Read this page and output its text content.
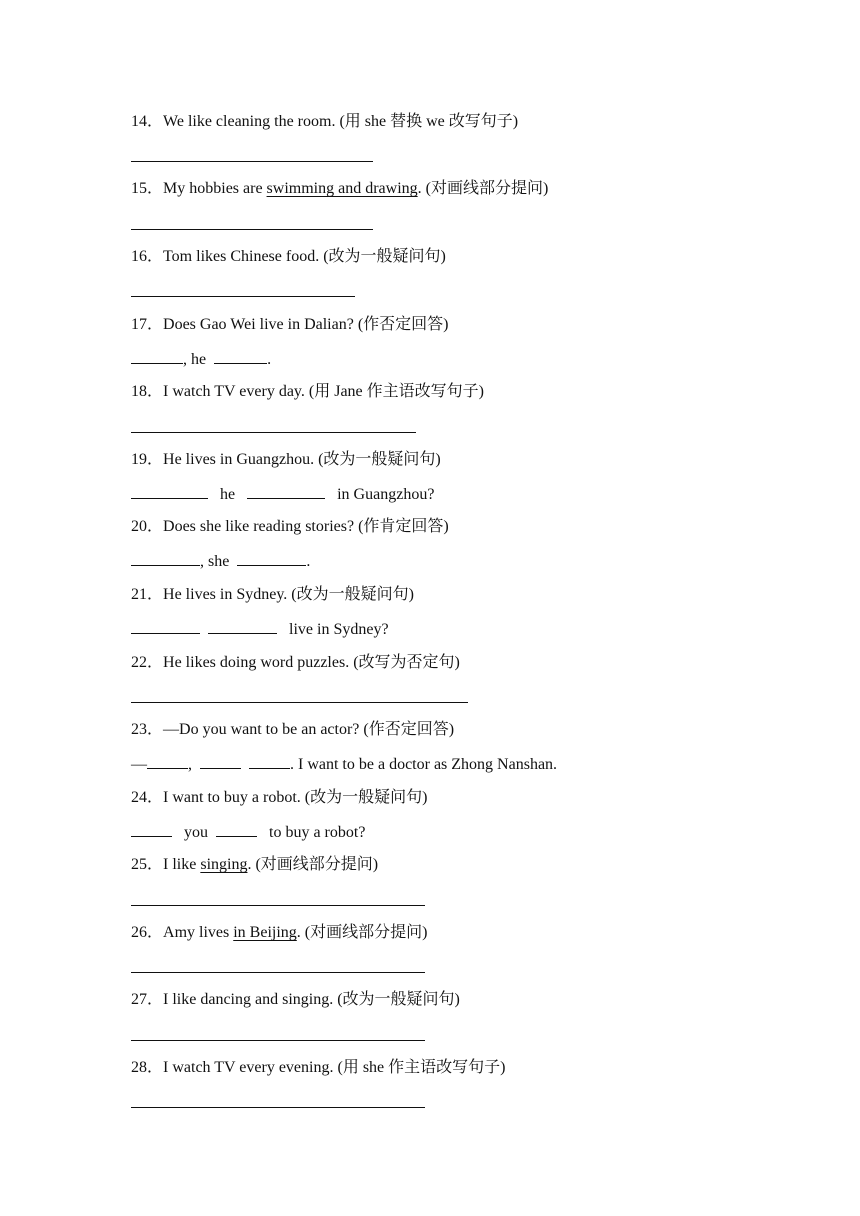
14．We like cleaning the room. (用 she 替换 we 改写句子)
15．My hobbies are swimming and drawing. (对画线部分提问)
16．Tom likes Chinese food. (改为一般疑问句)
17．Does Gao Wei live in Dalian? (作否定回答)
, he	.
18．I watch TV every day. (用 Jane 作主语改写句子)
19．He lives in Guangzhou. (改为一般疑问句)
he	in Guangzhou?
20．Does she like reading stories? (作肯定回答)
, she	.
21．He lives in Sydney. (改为一般疑问句)
live in Sydney?
22．He likes doing word puzzles. (改写为否定句)
23．—Do you want to be an actor? (作否定回答)
—	,	. I want to be a doctor as Zhong Nanshan.
24．I want to buy a robot. (改为一般疑问句)
you	to buy a robot?
25．I like singing. (对画线部分提问)
26．Amy lives in Beijing. (对画线部分提问)
27．I like dancing and singing. (改为一般疑问句)
28．I watch TV every evening. (用 she 作主语改写句子)
